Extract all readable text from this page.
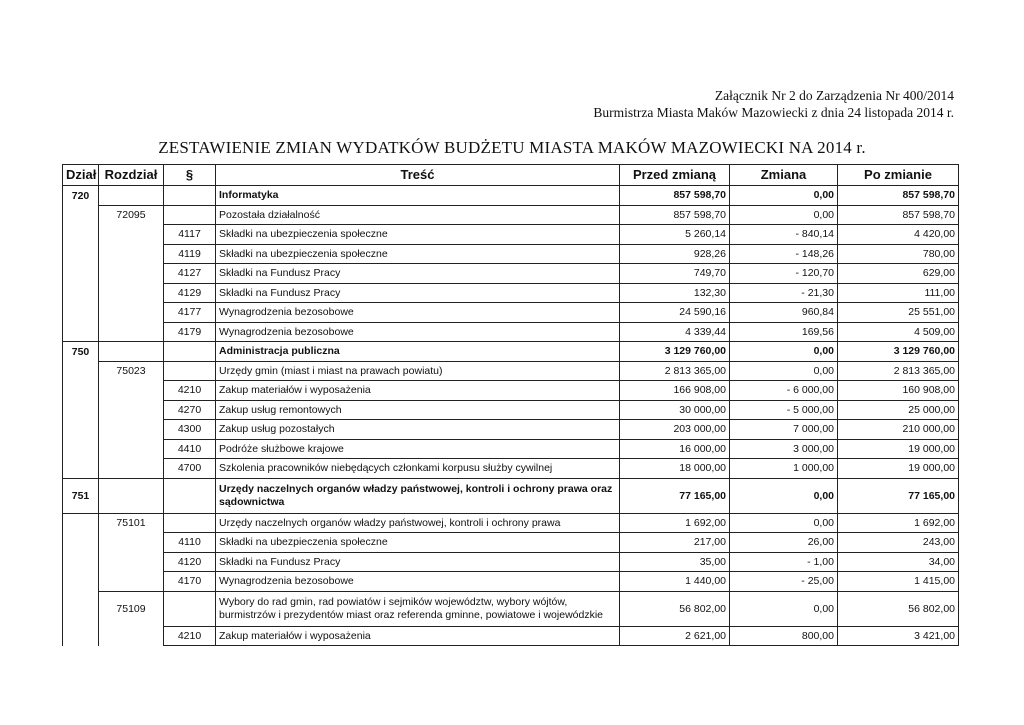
Załącznik Nr 2 do Zarządzenia Nr 400/2014
Burmistrza Miasta Maków Mazowiecki z dnia 24 listopada 2014 r.
ZESTAWIENIE ZMIAN WYDATKÓW BUDŻETU MIASTA MAKÓW MAZOWIECKI NA 2014 r.
Dział	Rozdział	§	Treść	Przed zmianą	Zmiana	Po zmianie
720			Informatyka	857 598,70	0,00	857 598,70
	72095		Pozostała działalność	857 598,70	0,00	857 598,70
		4117	Składki na ubezpieczenia społeczne	5 260,14	- 840,14	4 420,00
		4119	Składki na ubezpieczenia społeczne	928,26	- 148,26	780,00
		4127	Składki na Fundusz Pracy	749,70	- 120,70	629,00
		4129	Składki na Fundusz Pracy	132,30	- 21,30	111,00
		4177	Wynagrodzenia bezosobowe	24 590,16	960,84	25 551,00
		4179	Wynagrodzenia bezosobowe	4 339,44	169,56	4 509,00
750			Administracja publiczna	3 129 760,00	0,00	3 129 760,00
	75023		Urzędy gmin (miast i miast na prawach powiatu)	2 813 365,00	0,00	2 813 365,00
		4210	Zakup materiałów i wyposażenia	166 908,00	- 6 000,00	160 908,00
		4270	Zakup usług remontowych	30 000,00	- 5 000,00	25 000,00
		4300	Zakup usług pozostałych	203 000,00	7 000,00	210 000,00
		4410	Podróże służbowe krajowe	16 000,00	3 000,00	19 000,00
		4700	Szkolenia pracowników niebędących członkami korpusu służby cywilnej	18 000,00	1 000,00	19 000,00
751			Urzędy naczelnych organów władzy państwowej, kontroli i ochrony prawa oraz sądownictwa	77 165,00	0,00	77 165,00
	75101		Urzędy naczelnych organów władzy państwowej, kontroli i ochrony prawa	1 692,00	0,00	1 692,00
		4110	Składki na ubezpieczenia społeczne	217,00	26,00	243,00
		4120	Składki na Fundusz Pracy	35,00	- 1,00	34,00
		4170	Wynagrodzenia bezosobowe	1 440,00	- 25,00	1 415,00
	75109		Wybory do rad gmin, rad powiatów i sejmików województw, wybory wójtów, burmistrzów i prezydentów miast oraz referenda gminne, powiatowe i wojewódzkie	56 802,00	0,00	56 802,00
		4210	Zakup materiałów i wyposażenia	2 621,00	800,00	3 421,00
